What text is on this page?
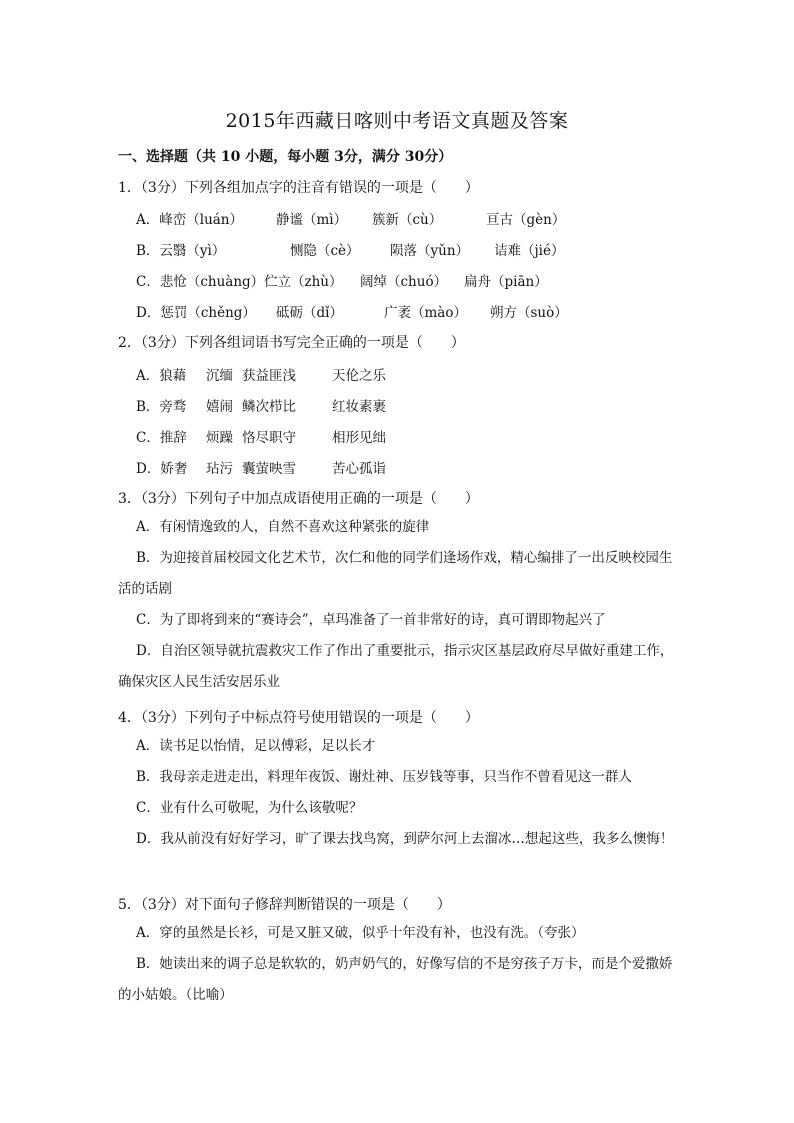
2015年西藏日喀则中考语文真题及答案
一、选择题（共 10 小题，每小题 3分，满分 30分）
1．（3分）下列各组加点字的注音有错误的一项是（　　）
A．峰峦（luán） 静谧（mì） 簇新（cù）	亘古（gèn）
B．云翳（yì）	恻隐（cè） 陨落（yǔn） 诘难（jié）
C．悲怆（chuàng）伫立（zhù） 阔绰（chuó） 扁舟（piān）
D．惩罚（chěng） 砥砺（dǐ）	广袤（mào） 朔方（suò）
2．（3分）下列各组词语书写完全正确的一项是（　　）
A．狼藉 沉缅 获益匪浅	天伦之乐
B．旁骛 嬉闹 鳞次栉比	红妆素裹
C．推辞 烦躁 恪尽职守	相形见绌
D．娇奢 玷污 囊萤映雪	苦心孤诣
3．（3分）下列句子中加点成语使用正确的一项是（　　）
A．有闲情逸致的人，自然不喜欢这种紧张的旋律
B．为迎接首届校园文化艺术节，次仁和他的同学们逢场作戏，精心编排了一出反映校园生活的话剧
C．为了即将到来的“赛诗会”，卓玛准备了一首非常好的诗，真可谓即物起兴了
D．自治区领导就抗震救灾工作了作出了重要批示，指示灾区基层政府尽早做好重建工作，确保灾区人民生活安居乐业
4．（3分）下列句子中标点符号使用错误的一项是（　　）
A．读书足以怡情，足以傅彩，足以长才
B．我母亲走进走出，料理年夜饭、谢灶神、压岁钱等事，只当作不曾看见这一群人
C．业有什么可敬呢，为什么该敬呢？
D．我从前没有好好学习，旷了课去找鸟窝，到萨尔河上去溜冰…想起这些，我多么懊悔！
5．（3分）对下面句子修辞判断错误的一项是（　　）
A．穿的虽然是长衫，可是又脏又破，似乎十年没有补，也没有洗。（夸张）
B．她读出来的调子总是软软的，奶声奶气的，好像写信的不是穷孩子万卡，而是个爱撒娇的小姑娘。（比喻）
